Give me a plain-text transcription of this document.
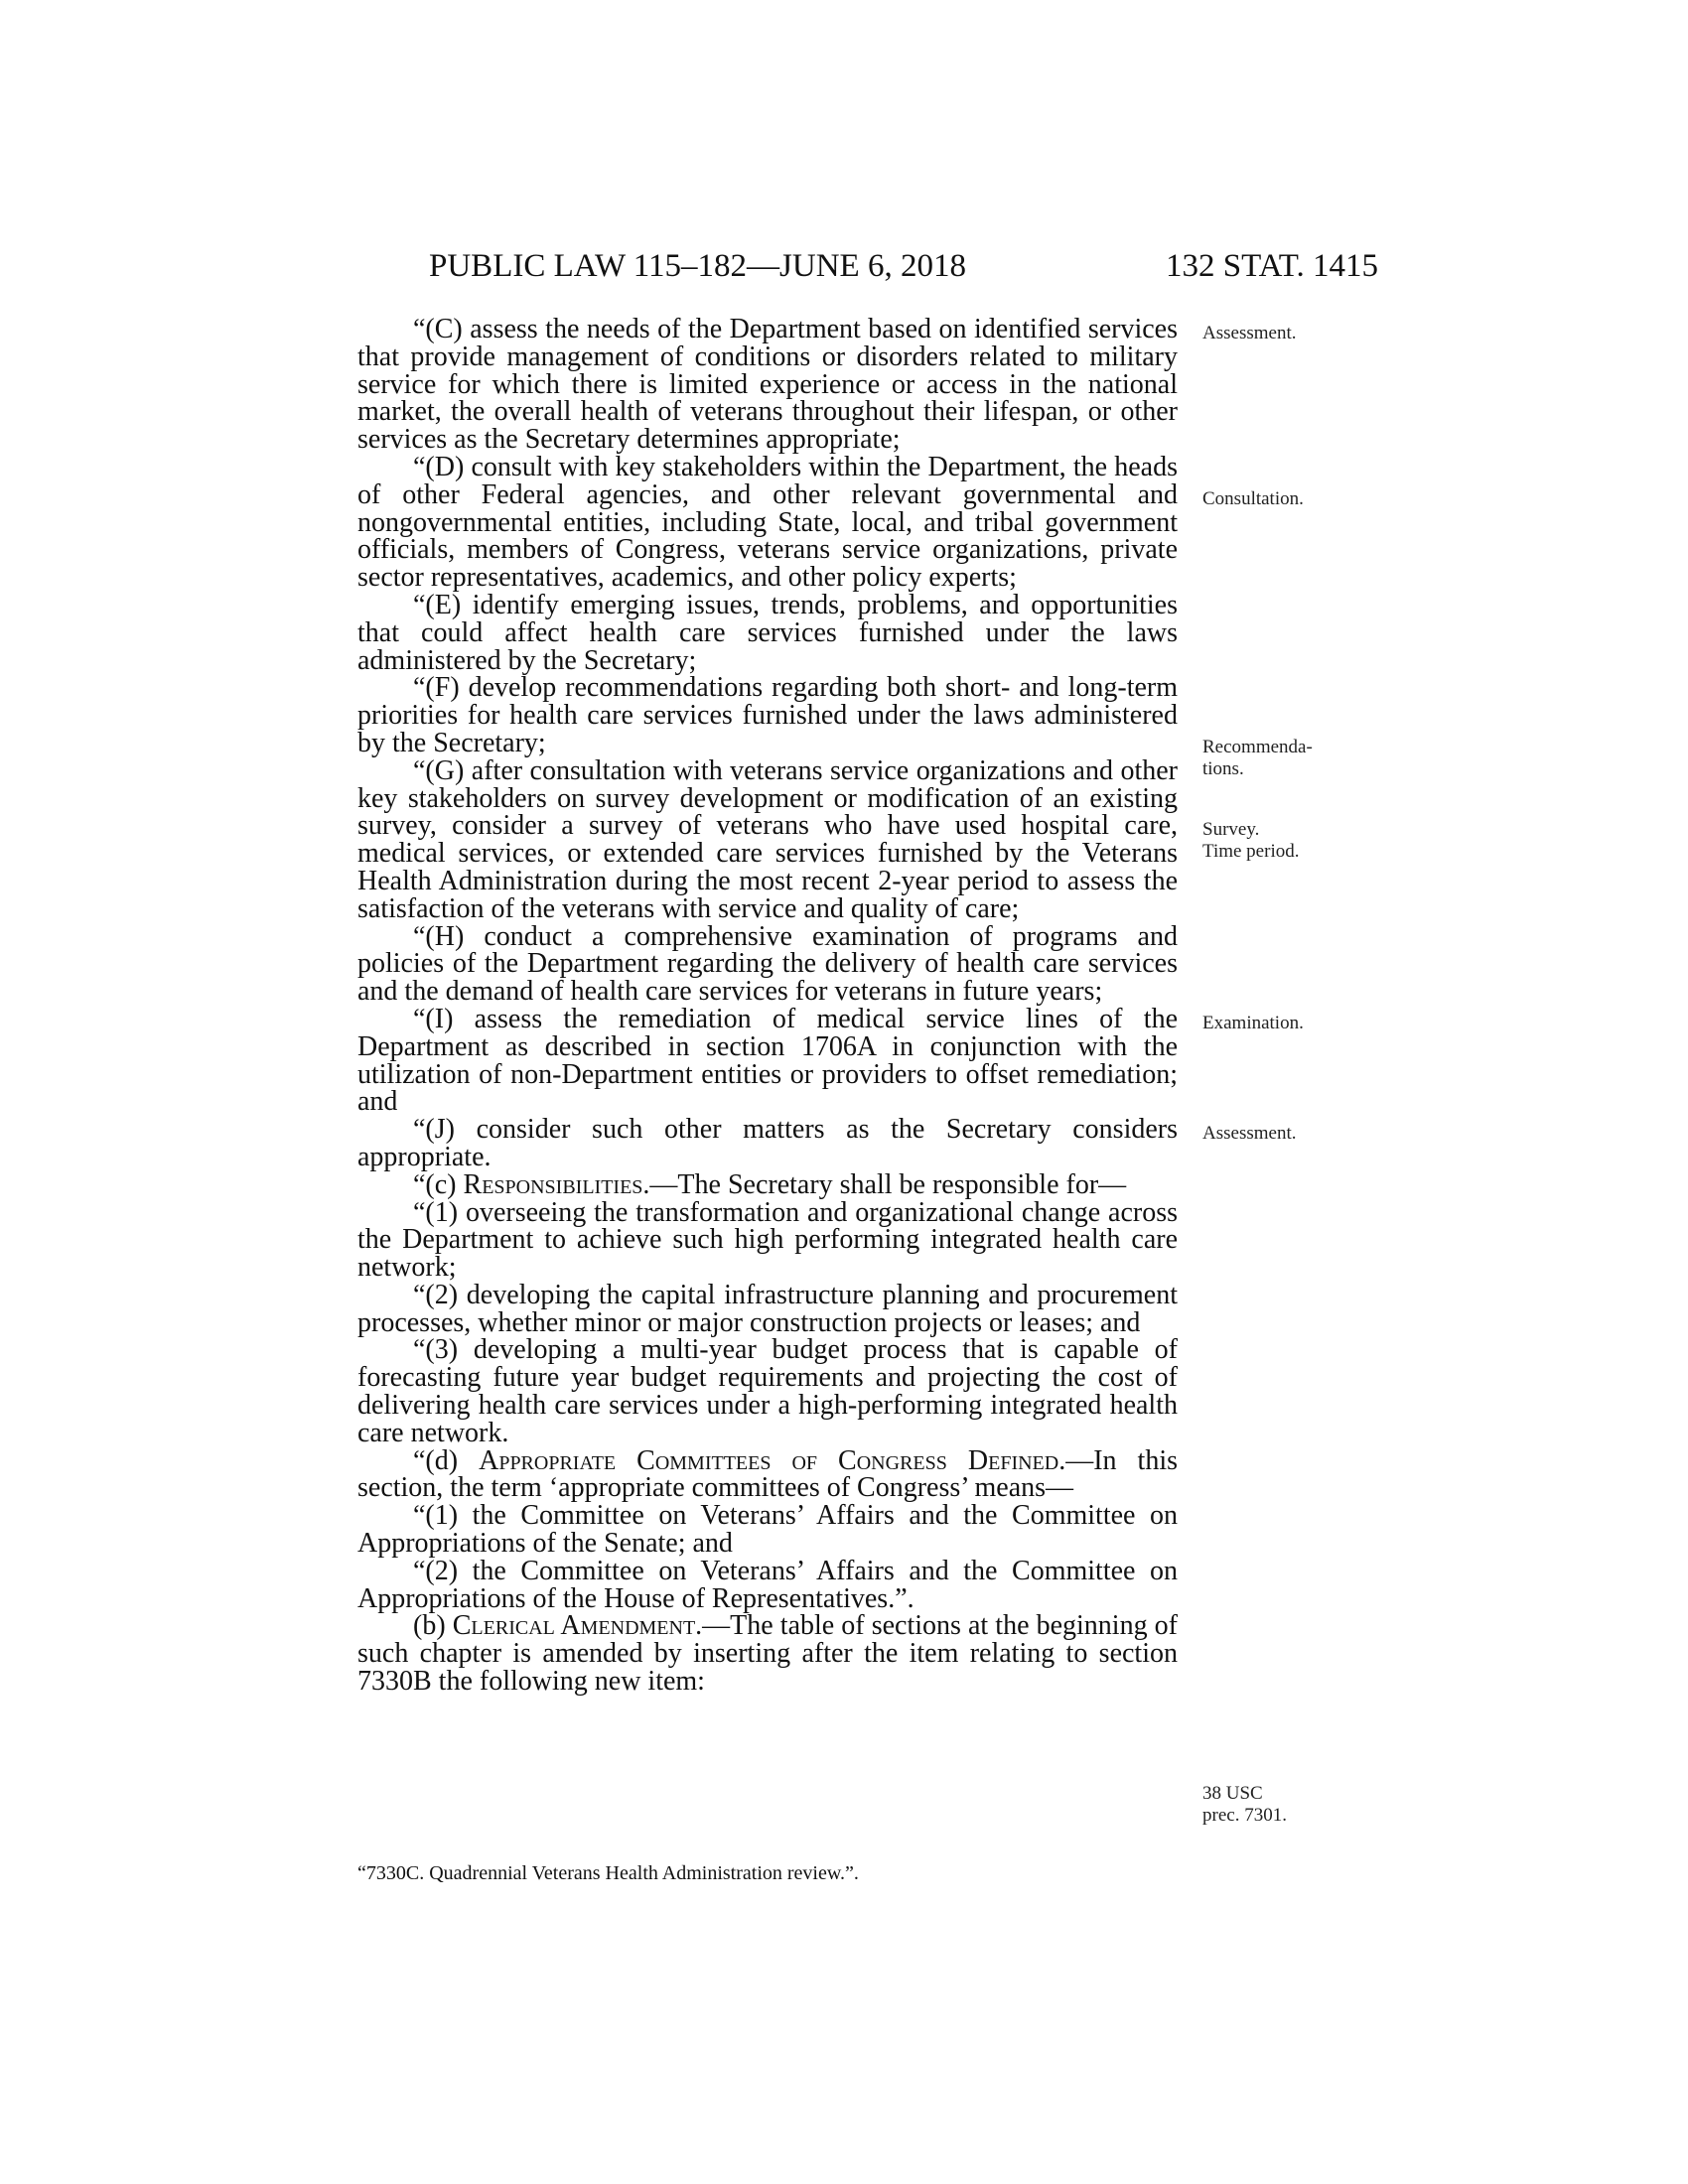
PUBLIC LAW 115–182—JUNE 6, 2018	132 STAT. 1415

“(C) assess the needs of the Department based on identified services that provide management of conditions or disorders related to military service for which there is limited experience or access in the national market, the overall health of veterans throughout their lifespan, or other services as the Secretary determines appropriate;

“(D) consult with key stakeholders within the Department, the heads of other Federal agencies, and other relevant governmental and nongovernmental entities, including State, local, and tribal government officials, members of Congress, veterans service organizations, private sector representatives, academics, and other policy experts;

“(E) identify emerging issues, trends, problems, and opportunities that could affect health care services furnished under the laws administered by the Secretary;

“(F) develop recommendations regarding both short- and long-term priorities for health care services furnished under the laws administered by the Secretary;

“(G) after consultation with veterans service organizations and other key stakeholders on survey development or modification of an existing survey, consider a survey of veterans who have used hospital care, medical services, or extended care services furnished by the Veterans Health Administration during the most recent 2-year period to assess the satisfaction of the veterans with service and quality of care;

“(H) conduct a comprehensive examination of programs and policies of the Department regarding the delivery of health care services and the demand of health care services for veterans in future years;

“(I) assess the remediation of medical service lines of the Department as described in section 1706A in conjunction with the utilization of non-Department entities or providers to offset remediation; and

“(J) consider such other matters as the Secretary considers appropriate.

“(c) Responsibilities.—The Secretary shall be responsible for—

“(1) overseeing the transformation and organizational change across the Department to achieve such high performing integrated health care network;

“(2) developing the capital infrastructure planning and procurement processes, whether minor or major construction projects or leases; and

“(3) developing a multi-year budget process that is capable of forecasting future year budget requirements and projecting the cost of delivering health care services under a high-performing integrated health care network.

“(d) Appropriate Committees of Congress Defined.—In this section, the term ‘appropriate committees of Congress’ means—

“(1) the Committee on Veterans’ Affairs and the Committee on Appropriations of the Senate; and

“(2) the Committee on Veterans’ Affairs and the Committee on Appropriations of the House of Representatives.”.

(b) Clerical Amendment.—The table of sections at the beginning of such chapter is amended by inserting after the item relating to section 7330B the following new item:

“7330C. Quadrennial Veterans Health Administration review.”.
Assessment.
Consultation.
Recommenda-
tions.
Survey.
Time period.
Examination.
Assessment.
38 USC
prec. 7301.
